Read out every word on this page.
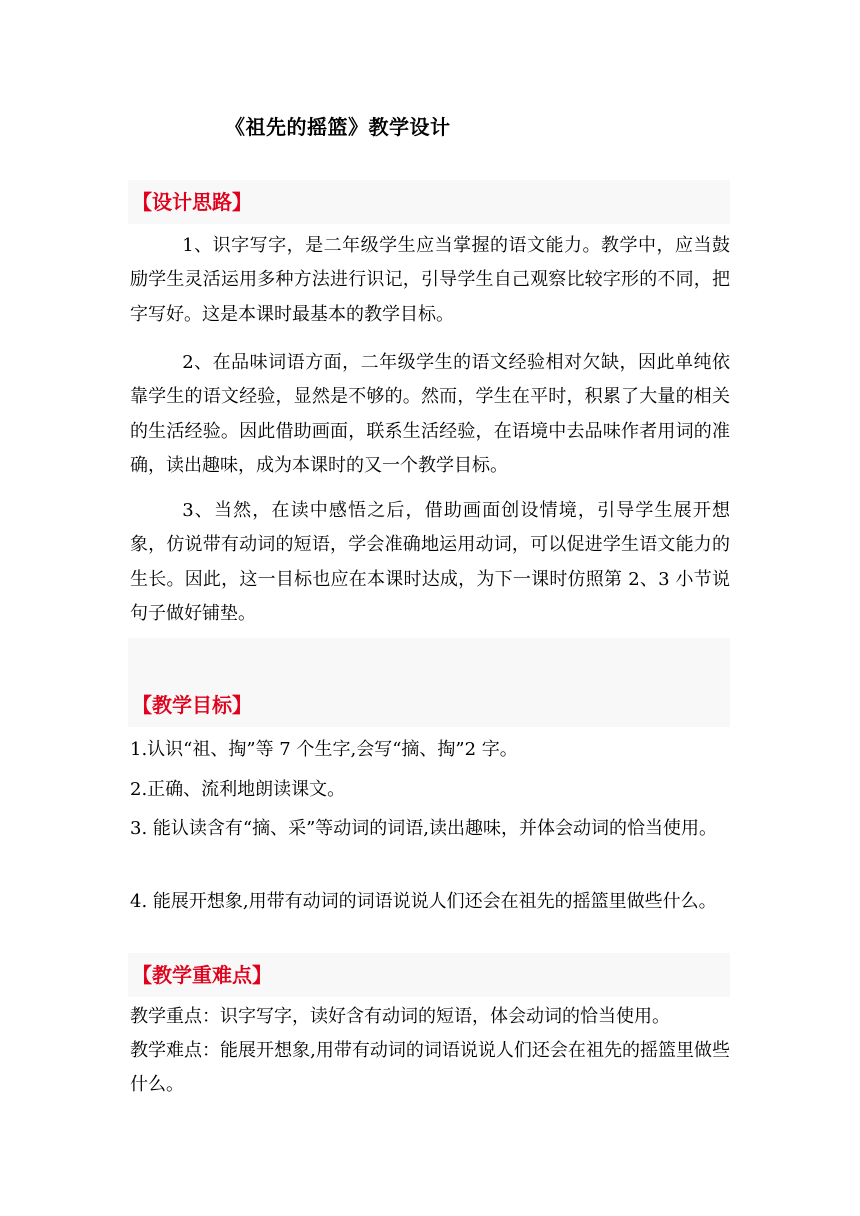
《祖先的摇篮》教学设计
【设计思路】

1、识字写字，是二年级学生应当掌握的语文能力。教学中，应当鼓励学生灵活运用多种方法进行识记，引导学生自己观察比较字形的不同，把字写好。这是本课时最基本的教学目标。

2、在品味词语方面，二年级学生的语文经验相对欠缺，因此单纯依靠学生的语文经验，显然是不够的。然而，学生在平时，积累了大量的相关的生活经验。因此借助画面，联系生活经验，在语境中去品味作者用词的准确，读出趣味，成为本课时的又一个教学目标。

3、当然，在读中感悟之后，借助画面创设情境，引导学生展开想象，仿说带有动词的短语，学会准确地运用动词，可以促进学生语文能力的生长。因此，这一目标也应在本课时达成，为下一课时仿照第 2、3 小节说句子做好铺垫。

【教学目标】

1.认识“祖、掏”等 7 个生字,会写“摘、掏”2 字。

2.正确、流利地朗读课文。

3. 能认读含有“摘、采”等动词的词语,读出趣味，并体会动词的恰当使用。

4. 能展开想象,用带有动词的词语说说人们还会在祖先的摇篮里做些什么。

【教学重难点】

教学重点：识字写字，读好含有动词的短语，体会动词的恰当使用。

教学难点：能展开想象,用带有动词的词语说说人们还会在祖先的摇篮里做些什么。
